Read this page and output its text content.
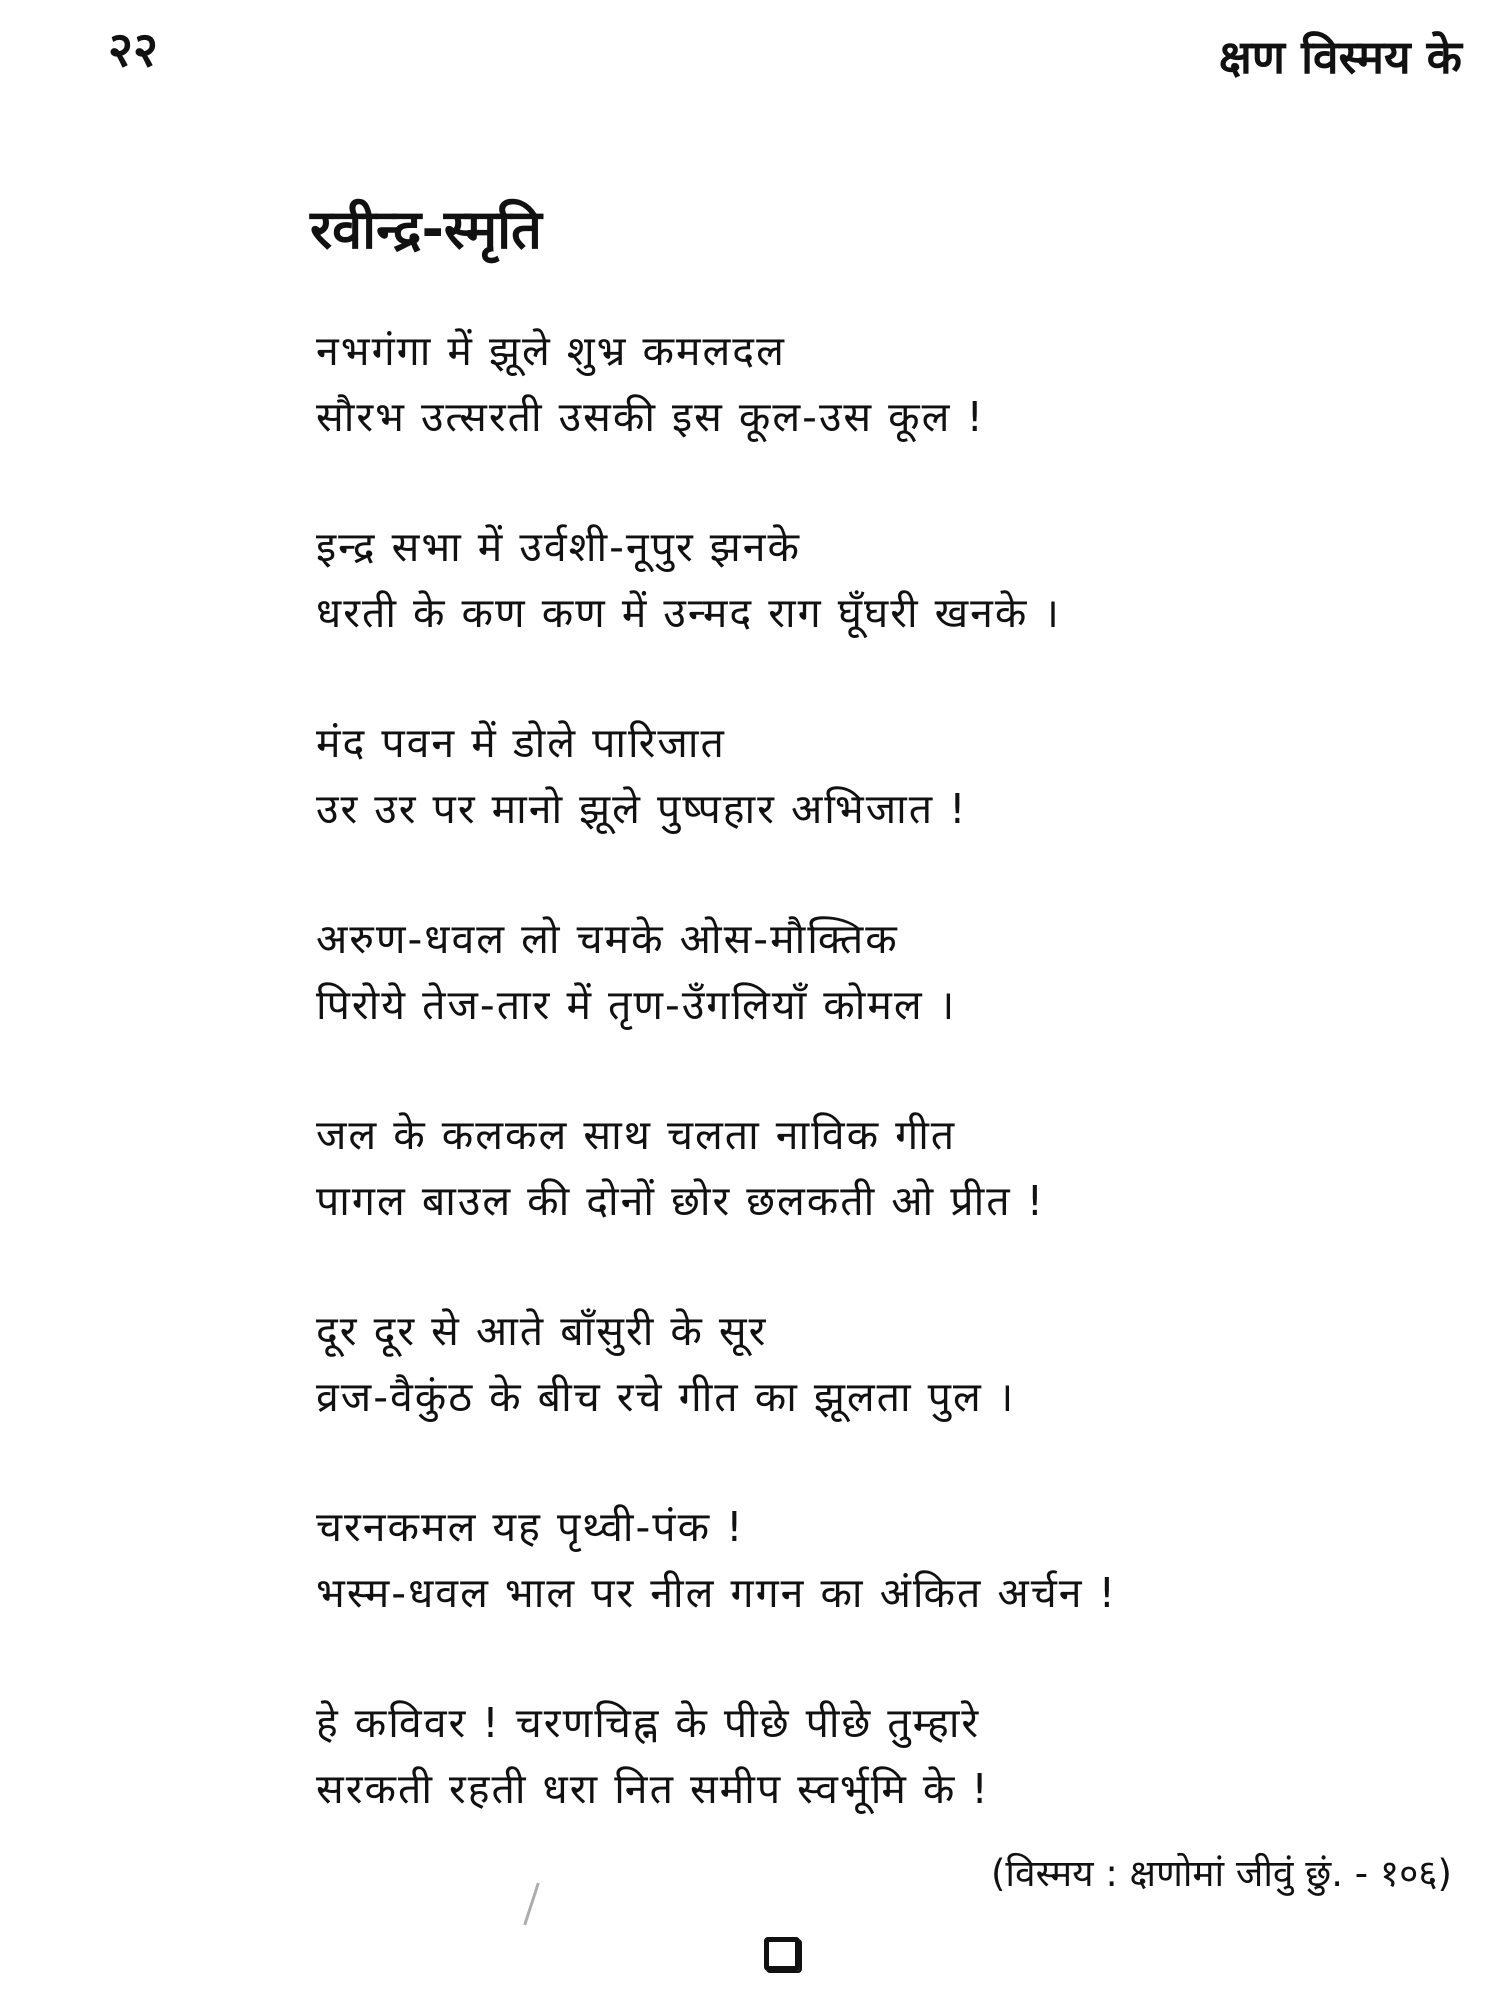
२२	क्षण विस्मय के
रवीन्द्र-स्मृति
नभगंगा में झूले शुभ्र कमलदल
सौरभ उत्सरती उसकी इस कूल-उस कूल !
इन्द्र सभा में उर्वशी-नूपुर झनके
धरती के कण कण में उन्मद राग घूँघरी खनके ।
मंद पवन में डोले पारिजात
उर उर पर मानो झूले पुष्पहार अभिजात !
अरुण-धवल लो चमके ओस-मौक्तिक
पिरोये तेज-तार में तृण-उँगलियाँ कोमल ।
जल के कलकल साथ चलता नाविक गीत
पागल बाउल की दोनों छोर छलकती ओ प्रीत !
दूर दूर से आते बाँसुरी के सूर
व्रज-वैकुंठ के बीच रचे गीत का झूलता पुल ।
चरनकमल यह पृथ्वी-पंक !
भस्म-धवल भाल पर नील गगन का अंकित अर्चन !
हे कविवर ! चरणचिह्न के पीछे पीछे तुम्हारे
सरकती रहती धरा नित समीप स्वर्भूमि के !
(विस्मय : क्षणोमां जीवुं छुं. - १०६)
